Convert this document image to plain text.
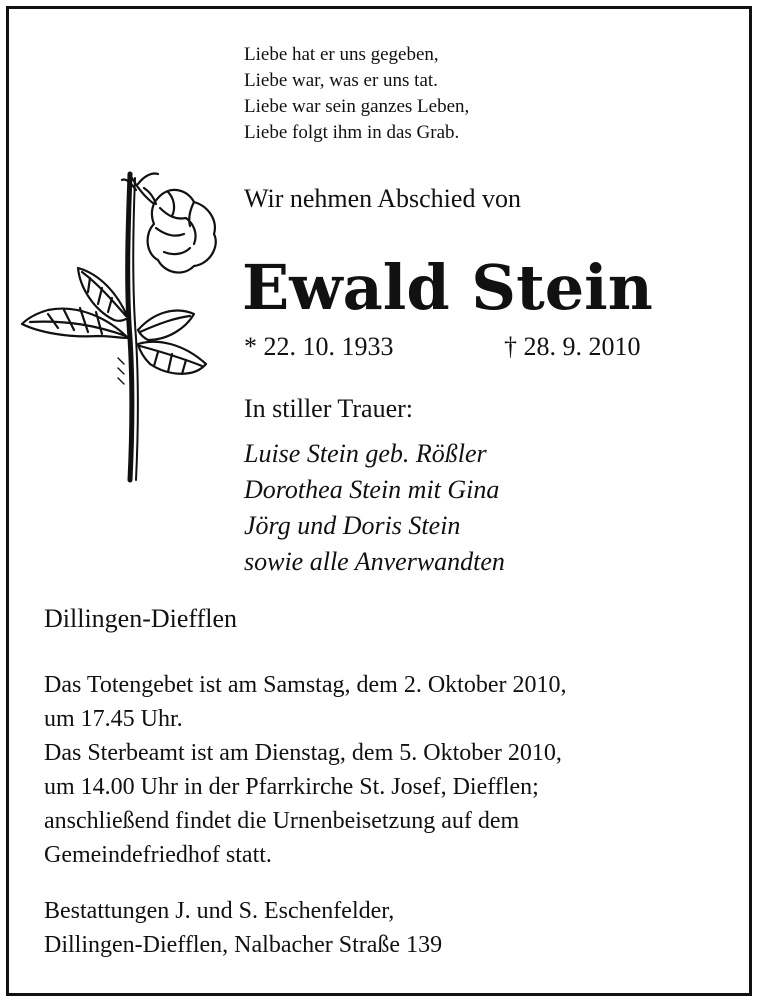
Liebe hat er uns gegeben,
Liebe war, was er uns tat.
Liebe war sein ganzes Leben,
Liebe folgt ihm in das Grab.
Wir nehmen Abschied von
Ewald Stein
* 22. 10. 1933	† 28. 9. 2010
In stiller Trauer:
Luise Stein geb. Rößler
Dorothea Stein mit Gina
Jörg und Doris Stein
sowie alle Anverwandten
Dillingen-Diefflen
Das Totengebet ist am Samstag, dem 2. Oktober 2010,
um 17.45 Uhr.
Das Sterbeamt ist am Dienstag, dem 5. Oktober 2010,
um 14.00 Uhr in der Pfarrkirche St. Josef, Diefflen;
anschließend findet die Urnenbeisetzung auf dem
Gemeindefriedhof statt.
Bestattungen J. und S. Eschenfelder,
Dillingen-Diefflen, Nalbacher Straße 139
